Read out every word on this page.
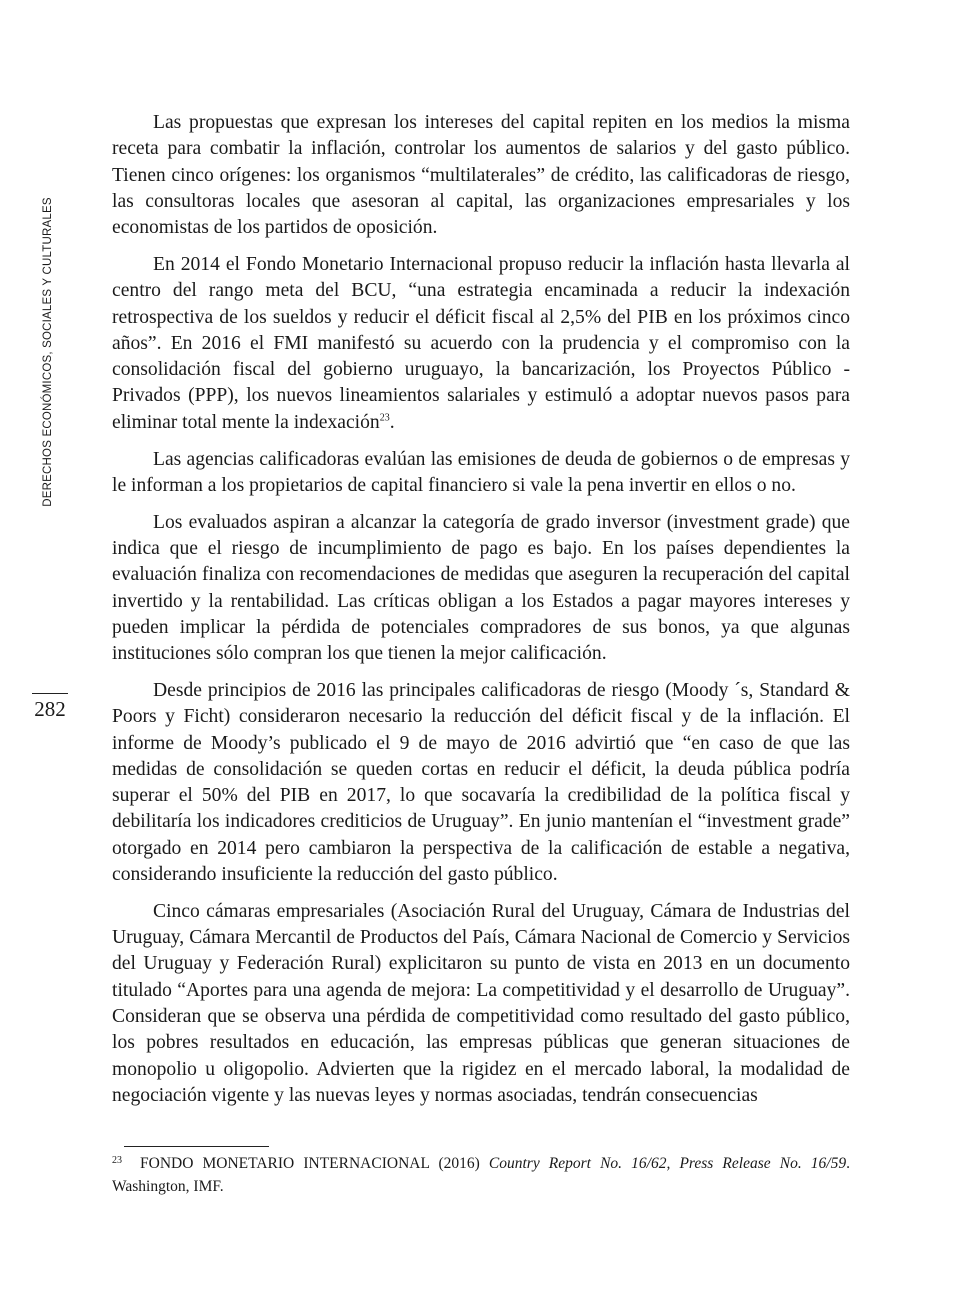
DERECHOS ECONÓMICOS, SOCIALES Y CULTURALES
282

Las propuestas que expresan los intereses del capital repiten en los medios la misma receta para combatir la inflación, controlar los aumentos de salarios y del gasto público. Tienen cinco orígenes: los organismos “multilaterales” de crédito, las calificadoras de riesgo, las consultoras locales que asesoran al capital, las organizaciones empresariales y los economistas de los partidos de oposición.

En 2014 el Fondo Monetario Internacional propuso reducir la inflación hasta llevarla al centro del rango meta del BCU, “una estrategia encaminada a reducir la indexación retrospectiva de los sueldos y reducir el déficit fiscal al 2,5% del PIB en los próximos cinco años”. En 2016 el FMI manifestó su acuerdo con la prudencia y el compromiso con la consolidación fiscal del gobierno uruguayo, la bancarización, los Proyectos Público - Privados (PPP), los nuevos lineamientos salariales y estimuló a adoptar nuevos pasos para eliminar total mente la indexación$^{23}$.

Las agencias calificadoras evalúan las emisiones de deuda de gobiernos o de empresas y le informan a los propietarios de capital financiero si vale la pena invertir en ellos o no.

Los evaluados aspiran a alcanzar la categoría de grado inversor (investment grade) que indica que el riesgo de incumplimiento de pago es bajo. En los países dependientes la evaluación finaliza con recomendaciones de medidas que aseguren la recuperación del capital invertido y la rentabilidad. Las críticas obligan a los Estados a pagar mayores intereses y pueden implicar la pérdida de potenciales compradores de sus bonos, ya que algunas instituciones sólo compran los que tienen la mejor calificación.

Desde principios de 2016 las principales calificadoras de riesgo (Moody ´s, Standard & Poors y Ficht) consideraron necesario la reducción del déficit fiscal y de la inflación. El informe de Moody’s publicado el 9 de mayo de 2016 advirtió que “en caso de que las medidas de consolidación se queden cortas en reducir el déficit, la deuda pública podría superar el 50% del PIB en 2017, lo que socavaría la credibilidad de la política fiscal y debilitaría los indicadores crediticios de Uruguay”. En junio mantenían el “investment grade” otorgado en 2014 pero cambiaron la perspectiva de la calificación de estable a negativa, considerando insuficiente la reducción del gasto público.

Cinco cámaras empresariales (Asociación Rural del Uruguay, Cámara de Industrias del Uruguay, Cámara Mercantil de Productos del País, Cámara Nacional de Comercio y Servicios del Uruguay y Federación Rural) explicitaron su punto de vista en 2013 en un documento titulado “Aportes para una agenda de mejora: La competitividad y el desarrollo de Uruguay”. Consideran que se observa una pérdida de competitividad como resultado del gasto público, los pobres resultados en educación, las empresas públicas que generan situaciones de monopolio u oligopolio. Advierten que la rigidez en el mercado laboral, la modalidad de negociación vigente y las nuevas leyes y normas asociadas, tendrán consecuencias

$^{23}$ FONDO MONETARIO INTERNACIONAL (2016) Country Report No. 16/62, Press Release No. 16/59. Washington, IMF.
